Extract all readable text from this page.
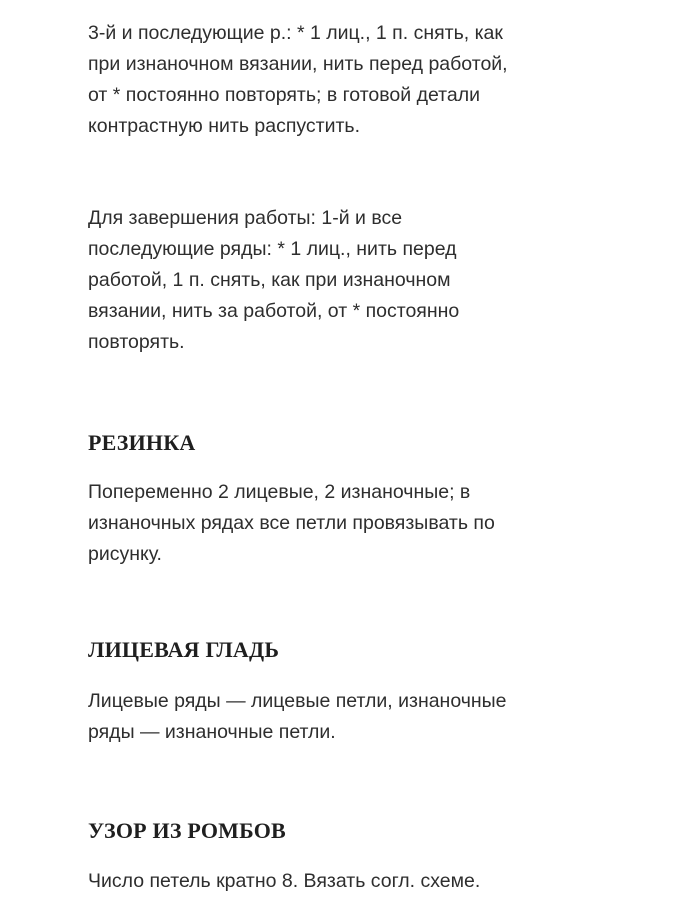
3-й и последующие р.: * 1 лиц., 1 п. снять, как
при изнаночном вязании, нить перед работой,
от * постоянно повторять; в готовой детали
контрастную нить распустить.

Для завершения работы: 1-й и все
последующие ряды: * 1 лиц., нить перед
работой, 1 п. снять, как при изнаночном
вязании, нить за работой, от * постоянно
повторять.

РЕЗИНКА

Попеременно 2 лицевые, 2 изнаночные; в
изнаночных рядах все петли провязывать по
рисунку.

ЛИЦЕВАЯ ГЛАДЬ

Лицевые ряды — лицевые петли, изнаночные
ряды — изнаночные петли.

УЗОР ИЗ РОМБОВ

Число петель кратно 8. Вязать согл. схеме.
